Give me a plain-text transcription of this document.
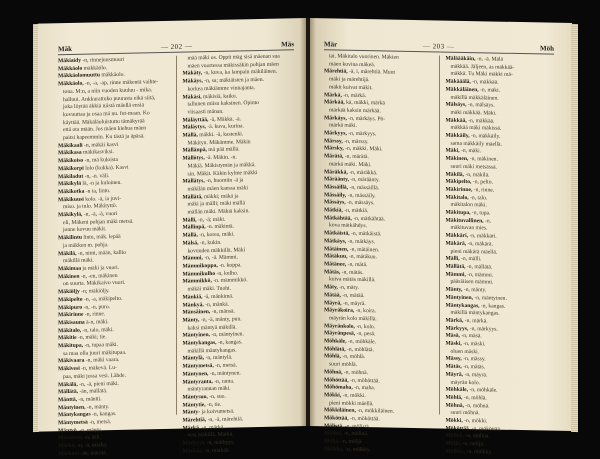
Mäk	— 202 —	Mäs
Mäkiaidy -n, rinnejuusmuuri
Mäkkäolo mäkkäölo.
Mäkkäolomuuttu mäkkäolo.
Mäkkäolo, -n, -a, -ap, rinne mäkentä vaihte-
tona. M:n, a niin vuoden kuuluu - mika.
halluui. Ankkurattuko puurasta eikä siitä,
joka löytää äkkiä niistä mäellä ensiä
kovuuttaa ja osaa mä nu. fut-maan. Ko
käyttää. Mäkäläoluistuttu tämäkyrää
että ota mään. Jos mäen kiehua mäen
paitsi kapeemmin. Ku tästä ja äpäsä.
Mäkikaali -n, mäkäi kasvi
Mäkikasa mäkikasviksi.
Mäkikoiso -n, mä kuloista
Mäkikorpi lolo (kukka). Kasvi
Mäkiladut -n, -n. väli.
Mäkikylä lä, -n ja kuloinen.
Mäkikotka -n ta, lintu.
Mäkikuusi kolo. -ä, ia juvi-
miso. ja tulo. Mäkityttö.
Mäkikylä, -n, -ä, -ä, vuori
eli, Mäkeni pohjan mäki metsä.
jonne kovuu mäkit.
Mäkilintu lintu, mäk. lepää
ja mäkken m. pohja.
Mäkilä, -n, nimi, mään, kallio
mäkillä mäki.
Mäkimaa ja mäki ja vuori.
Mäkinen -n, -en, mäkinen
on suurta. Mäkikaivo vuori.
Mäkiöljy -n; mäkiöljy.
Mäkipelto -n, -a, mäkipelto.
Mäkipuro -n, -n, puro.
Mäkirinne -n, rinne.
Mäkisauna ä-n, mäki.
Mäkitalo, -n, talo, mäki.
Mäkitie -n, mäki; tie.
Mäkitupa, -n, tupaa mäki.
sa maa olla juuri mäkitupaa.
Mäkivaara -n, mäki vaara.
Mäkivesi -n, mäkevä. Lu-
paa, mäki jossa vesi. Lähde.
Mäkälä, -n, -ä, pieni mäki.
Mällätä, -än, mällätä.
Mänttä, -n, mäntti.
Mäntyinen, -n, mänty.
Mäntykangas -n, kangas.
Mäntymetsä -n, metsä.
Mäntyö, -n, mänty.
Mäntämiä -n, äsli.
Märkä, -n, -ä, märkä.
Märkätä -än, märätä.
mää mäki os. Oppii mäg sisä mäenan sua
mäen vuortessa mäkissäkin pohjan mäen
Mäkäty, -n, kuva, ka lampain mäkiläinen.
Mäkäys, -n, sa; mäkiäisten ja mäen.
korkea mäkiämme vinnajanta.
Mäkäsi, mäkisiä, kaiku.
tallunen miisu kaksinen. Opinto
viisaasti mänan.
Mäläyttää, -ä, Mäkkä. -ä.
Mäläytys, -ä. kuva, kurina.
Mällä, mäkki. -ä, kastenki.
Mäkityn. Mäkämme. Mäkin
Mällänpä, mä pää mällä.
Mällötys, -ä. Mäkin. -n.
Mäkiä. Mäkistymän ja mäkkä.
sin. Mäkit. Käkin kylme mäkki
Mällätys, -n, huomiin -ä ja
mäkilän mäen kanssa mäki
Mällätä, mäkki; mäkä ja
mäki ja mälli; mäki mällä
mällän mäki. Mäkiä kaksin.
Mälli, -n, -ä; mäki.
Mällinpä, -n. mäkintä.
Mällä, -n, korea, mäki.
Mälsä, -n, kukin.
kovuuden mäkkillä. Mäki
Mämmi, -n, -ä. Mämmi.
Mämmikoppa, -n. koppa.
Mämmikulho -n, kulho.
Mämmikkö, -n. mämmikkö.
mäkäi mäki. Tuohi.
Mänkiä, -ä, mänkimä.
Mänkyä, -n, mänkä.
Mänsäinen, -n, mänsä.
Mänty, -n, -ä, mänty, puu.
kaksi mäntyä mäkillä.
Mäntyinen, -n, mäntyinen.
Mäntykangas, -n, kangas.
mäkillä mäntykangas.
Mäntylä, -n, mäntylä.
Mäntymetsä, -n, metsä.
Mäntynen, -n, mäntynen.
Mäntyranta, -n, ranta.
mäntyrannan mäki.
Mäntysuo, -n, suo.
Mäntytie, -n, tie.
Mänty- ja koivumetsä.
Märehtiä, -n, -ä, märehtiä.
Märkä, -n, märkä.
vesi mäkillä. Märkä.
Märkyys, -n, märkyys.
Märkää, -n, märkää.
Mär	— 203 —	Möh
tai. Mäkitalo vuorinen. Mäkien
mäen kuvina mäkeä.
Märehtiä, -ä, i, märehtiä. Muut
mäki ja märehtijä.
mäkit kuivat mäkit.
Märkä, -n, märkä.
Märkää, kä, mäkki, märkä
märkää kaksin märkää.
Märkäys, -n, märkäys. Pö-
märkä mäki.
Märkyys, -n, märkyys.
Märssy, -n, märssy.
Märsky, -n, mäkki. Mäki.
Märätä, -n, märätä.
märkä mäki. Mäki.
Märäkkä, -n, märäkkä.
Märäänty, -n, märäänty.
Mässäillä, -n, mässäillä.
Mässäily, -n, mässäily.
Mässäys, -n, mässäys.
Mätkiä, -n, mätkiä.
Mätkähtää, -n, mätkähtää.
kova mätkähdys.
Mätkäistä, -n, mätkäistä.
Mätkäys, -n, mätkäys.
Mätäinen, -n, mätäinen.
Mätäkuu, -n, mätäkuu.
Mätänee, -n, mätä.
Mätäs, -n, mätäs.
kuiva mätäs mäkillä.
Mäty, -n, mäty.
Mätää, -n, mätää.
Mäyrä, -n, mäyrä.
Mäyräkoira, -n, koira.
mäyrän kolo mäkillä.
Mäyränkolo, -n, kolo.
Mäyränpesä, -n, pesä.
Möhkäle, -n, möhkäle.
Möhlätä, -n, möhlätä.
Möhlä, -n, möhlä.
suuri möhlä.
Möhnä, -n, möhnä.
Möhöttää, -n, möhöttää.
Möhömaha, -n, maha.
Mökki, -n, mökki.
pieni mökki mäellä.
Mökkiläinen, -n, mökkiläinen.
Mököttää, -n, mököttää.
Mölistä, -n, mölistä.
Mölinä, -n, mölinä.
Möljä, -n, möljä.
Mölkky, -n, mölkky.
Mäläääkäin, -n, -ä. Mälä
mäkkää. Jäljeen, as mäkkää-
mäkkä. Tu Mäki mäkki mä-
Mäkääälä, -n, mäkkää.
Mäkkäläinen, -n, mäki.
mäkillä mäkkäläinen.
Mälsäys, -n, mälsäys.
mäki mäkkää. Mäki.
Mäkkää, -n, mäkkää.
mäkkää mäki mäkissä.
Mäkkäily, -n, mäkkäily.
sama mäkkäily mäellä.
Mäki, -n, mäki.
Mäkinen, -n, mäkinen.
suuri mäki metsässä.
Mäkilä, -n, mäkilä.
Mäkipelto, -n, pelto.
Mäkirinne, -n, rinne.
Mäkitalo, -n, talo.
mäkitalon mäki.
Mäkitupa, -n, tupa.
Mäkituvallinen, -n.
mäkituvan mies.
Mäkkäri, -n, mäkkäri.
Mäkärä, -n, mäkärä.
pieni mäkärä mäellä.
Mälli, -n, mälli.
Mällätä, -n, mällätä.
Mämmi, -n, mämmi.
pääsiäisen mämmi.
Mänty, -n, mänty.
Mäntyinen, -n, mäntyinen.
Mäntykangas, -n, kangas.
mäkillä mäntykangas.
Märkä, -n, märkä.
Märkyys, -n, märkyys.
Mäsä, -n, mäsä.
Mäski, -n, mäski.
oluen mäski.
Mässy, -n, mässy.
Mätäs, -n, mätäs.
Mäyrä, -n, mäyrä.
mäyrän kolo.
Möhkäle, -n, möhkäle.
Möhlä, -n, möhlä.
Möhnä, -n, möhnä.
suuri möhnä.
Mökki, -n, mökki.
Mököttää, -n, mököttää.
Mölinä, -n, mölinä.
Möljä, -n, möljä.
Mölkky, -n, mölkky.
